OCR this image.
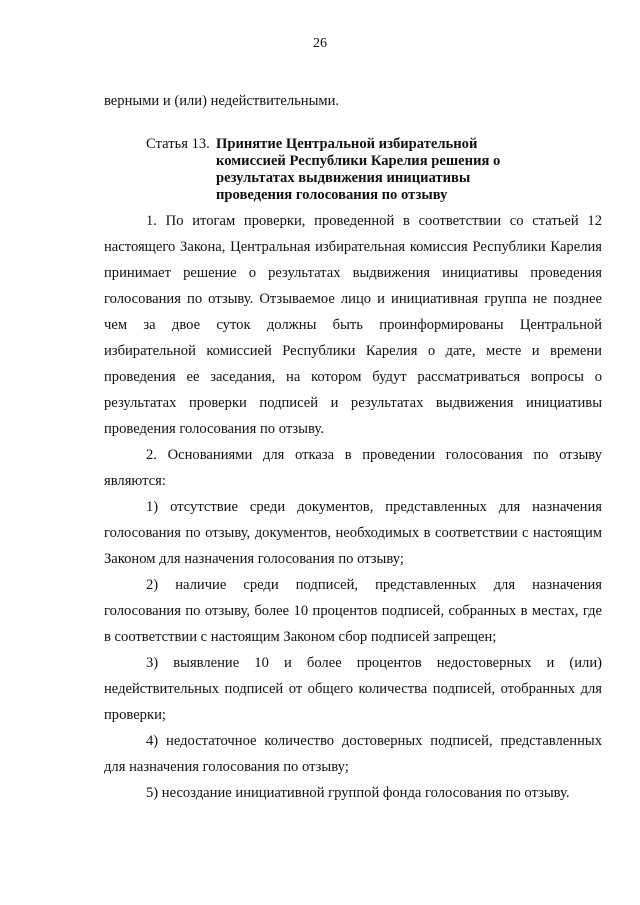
26
верными и (или) недействительными.
Статья 13. Принятие Центральной избирательной
комиссией Республики Карелия решения о
результатах выдвижения инициативы
проведения голосования по отзыву

1. По итогам проверки, проведенной в соответствии со статьей 12 настоящего Закона, Центральная избирательная комиссия Республики Карелия принимает решение о результатах выдвижения инициативы проведения голосования по отзыву. Отзываемое лицо и инициативная группа не позднее чем за двое суток должны быть проинформированы Центральной избирательной комиссией Республики Карелия о дате, месте и времени проведения ее заседания, на котором будут рассматриваться вопросы о результатах проверки подписей и результатах выдвижения инициативы проведения голосования по отзыву.

2. Основаниями для отказа в проведении голосования по отзыву являются:

1) отсутствие среди документов, представленных для назначения голосования по отзыву, документов, необходимых в соответствии с настоящим Законом для назначения голосования по отзыву;

2) наличие среди подписей, представленных для назначения голосования по отзыву, более 10 процентов подписей, собранных в местах, где в соответствии с настоящим Законом сбор подписей запрещен;

3) выявление 10 и более процентов недостоверных и (или) недействительных подписей от общего количества подписей, отобранных для проверки;

4) недостаточное количество достоверных подписей, представленных для назначения голосования по отзыву;

5) несоздание инициативной группой фонда голосования по отзыву.
